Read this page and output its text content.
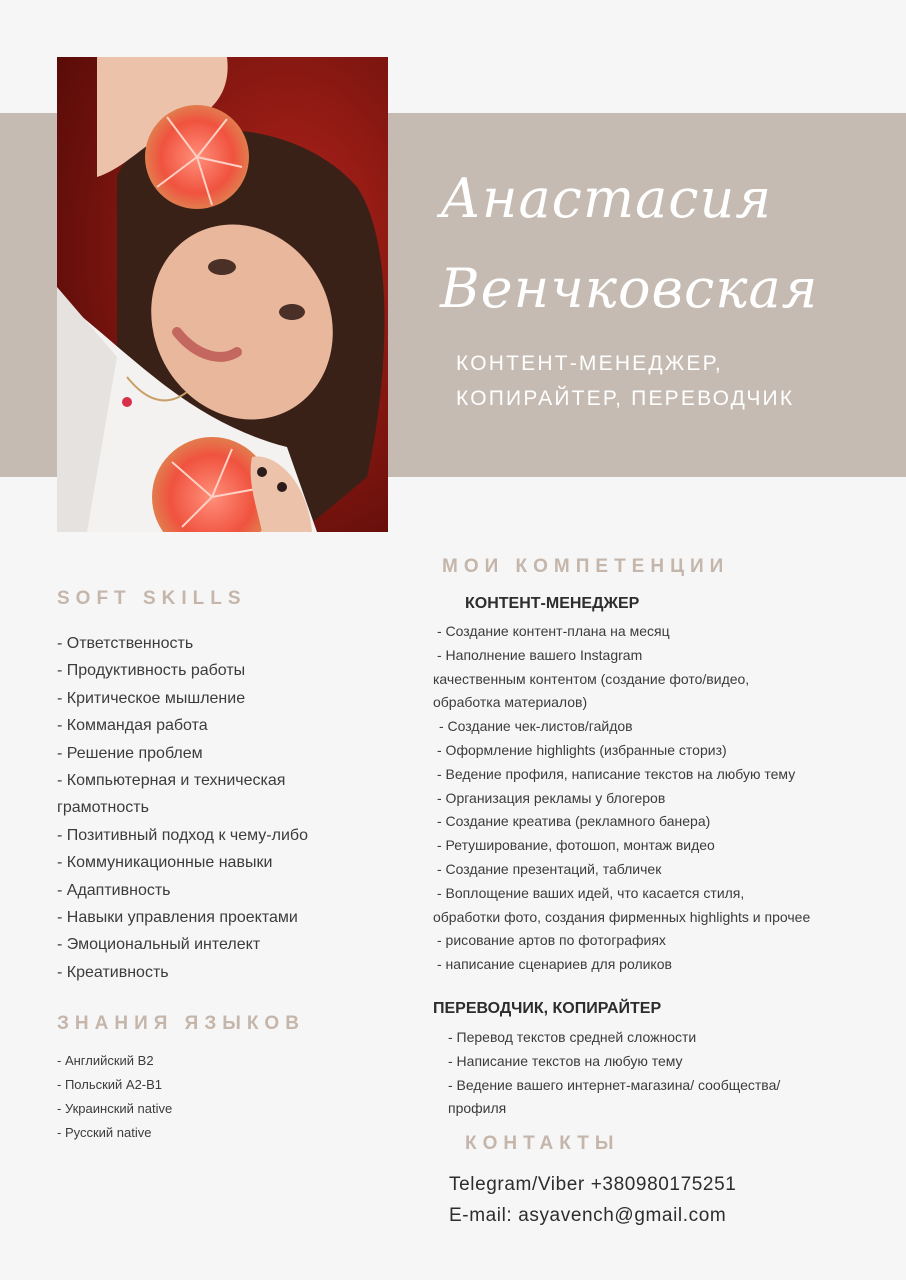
Анастасия
Венчковская
КОНТЕНТ-МЕНЕДЖЕР,
КОПИРАЙТЕР, ПЕРЕВОДЧИК
SOFT SKILLS
- Ответственность
- Продуктивность работы
- Критическое мышление
- Коммандая работа
- Решение проблем
- Компьютерная и техническая
грамотность
- Позитивный подход к чему-либо
- Коммуникационные навыки
- Адаптивность
- Навыки управления проектами
- Эмоциональный интелект
- Креативность
ЗНАНИЯ ЯЗЫКОВ
- Английский B2
- Польский A2-B1
- Украинский native
- Русский native
МОИ КОМПЕТЕНЦИИ
КОНТЕНТ-МЕНЕДЖЕР
- Создание контент-плана на месяц
- Наполнение вашего Instagram
качественным контентом (создание фото/видео,
обработка материалов)
- Создание чек-листов/гайдов
- Оформление highlights (избранные сториз)
- Ведение профиля, написание текстов на любую тему
- Организация рекламы у блогеров
- Создание креатива (рекламного банера)
- Ретуширование, фотошоп, монтаж видео
- Создание презентаций, табличек
- Воплощение ваших идей, что касается стиля,
обработки фото, создания фирменных highlights и прочее
- рисование артов по фотографиях
- написание сценариев для роликов
ПЕРЕВОДЧИК, КОПИРАЙТЕР
- Перевод текстов средней сложности
- Написание текстов на любую тему
- Ведение вашего интернет-магазина/ сообщества/
профиля
КОНТАКТЫ
Telegram/Viber +380980175251
E-mail: asyavench@gmail.com
